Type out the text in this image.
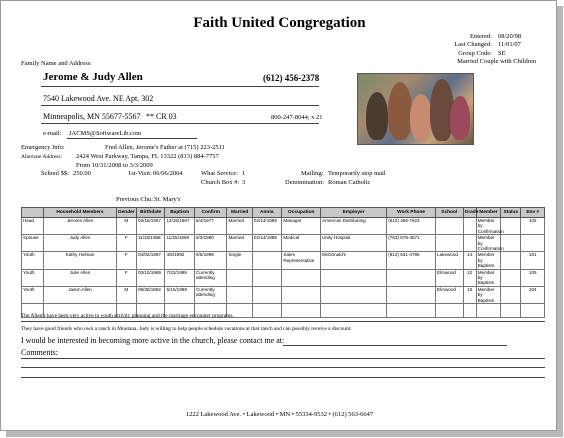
Faith United Congregation
Entered: 08/20/98
Last Changed: 11/01/07
Group Code: SE
Married Couple with Children
Family Name and Address:
Jerome & Judy Allen	(612) 456-2378
7540 Lakewood Ave. NE Apt. 302
Minneapolis, MN 55677-5567 ** CR 03	800-247-8044, x 21
e-mail: JACMS@SoftwareLib.com
Emergency Info:	Fred Allen, Jerome's Father at (715) 223-2511
Alternate Address: 2424 West Parkway, Tampa, FL 13322 (813) 884-7757
From 10/31/2008 to 3/3/2009
School $$: 250.00	1st-Visit: 06/06/2004	What Service: 1
Church Box #: 3
Mailing: Temporarily stop mail
Denomination: Roman Catholic
Previous Chu: St. Mary's
	Household Members	Gender	Birthdate	Baptism	Confirm	Married	Anniv.	Occupation	Employer	Work Phone	School	Grade	Member	Status	Env #
Head	Jerome Allen	M	03/15/1967	12/15/1967	6/4/1977	Married	02/14/1988	Manager	American Distributing	(612) 456-7623			Member by Confirmation		102
Spouse	Judy Allen	F	11/15/1968	11/25/1968	6/3/1980	Married	02/14/1988	Medical	Unity Hospital	(763) 678-4571			Member by Confirmation		
Youth	Kathy Holman	F	04/02/1987	4/8/1992	5/5/1999	Single		Sales Representative	McDonald's	(612) 631-4795	Lakewood	14	Member by Baptism		101
Youth	Julie Allen	F	03/10/1989	7/22/1995	Currently attending						Elmwood	12	Member by Baptism		105
Youth	Jason Allen	M	09/30/1992	5/15/1998	Currently attending						Elmwood	10	Member by Baptism		104

The Allen's have been very active in youth activity planning and the marriage encounter programs.
They have good friends who own a ranch in Montana. Judy is willing to help people schedule vacations at that ranch and can possibly receive a discount.
I would be interested in becoming more active in the church, please contact me at:
Comments:
1222 Lakewood Ave. • Lakewood • MN • 55334-9532 • (612) 563-6647
